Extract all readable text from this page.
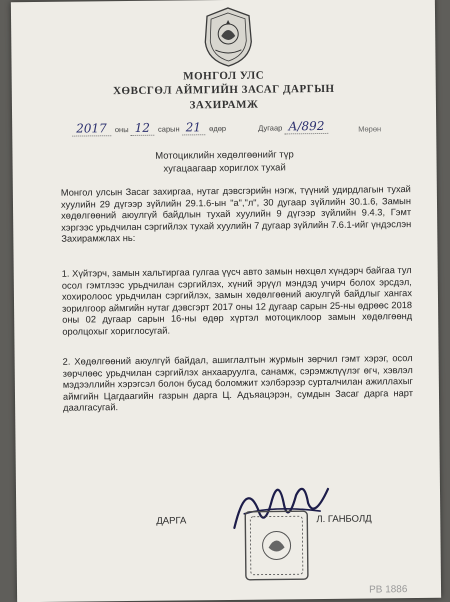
МОНГОЛ УЛС
ХӨВСГӨЛ АЙМГИЙН ЗАСАГ ДАРГЫН
ЗАХИРАМЖ
2017 оны 12 сарын 21 өдөр	Дугаар А/892	Мөрөн
Мотоциклийн хөдөлгөөнийг түр
хугацаагаар хориглох тухай
Монгол улсын Засаг захиргаа, нутаг дэвсгэрийн нэгж, түүний удирдлагын тухай хуулийн 29 дүгээр зүйлийн 29.1.6-ын "а","л", 30 дугаар зүйлийн 30.1.6, Замын хөдөлгөөний аюулгүй байдлын тухай хуулийн 9 дүгээр зүйлийн 9.4.3, Гэмт хэргээс урьдчилан сэргийлэх тухай хуулийн 7 дугаар зүйлийн 7.6.1-ийг үндэслэн Захирамжлах нь:
1. Хүйтэрч, замын хальтиргаа гулгаа үүсч авто замын нөхцөл хүндэрч байгаа тул осол гэмтлээс урьдчилан сэргийлэх, хүний эрүүл мэндэд учирч болох эрсдэл, хохиролоос урьдчилан сэргийлэх, замын хөдөлгөөний аюулгүй байдлыг хангах зорилгоор аймгийн нутаг дэвсгэрт 2017 оны 12 дугаар сарын 25-ны өдрөөс 2018 оны 02 дугаар сарын 16-ны өдөр хүртэл мотоциклоор замын хөдөлгөөнд оролцохыг хориглосугай.
2. Хөдөлгөөний аюулгүй байдал, ашиглалтын журмын зөрчил гэмт хэрэг, осол зөрчлөөс урьдчилан сэргийлэх анхааруулга, санамж, сэрэмжлүүлэг өгч, хэвлэл мэдээллийн хэрэгсэл болон бусад боломжит хэлбэрээр сурталчилан ажиллахыг аймгийн Цагдаагийн газрын дарга Ц. Адъяацэрэн, сумдын Засаг дарга нарт даалгасугай.
ДАРГА	Л. ГАНБОЛД
РВ 1886
